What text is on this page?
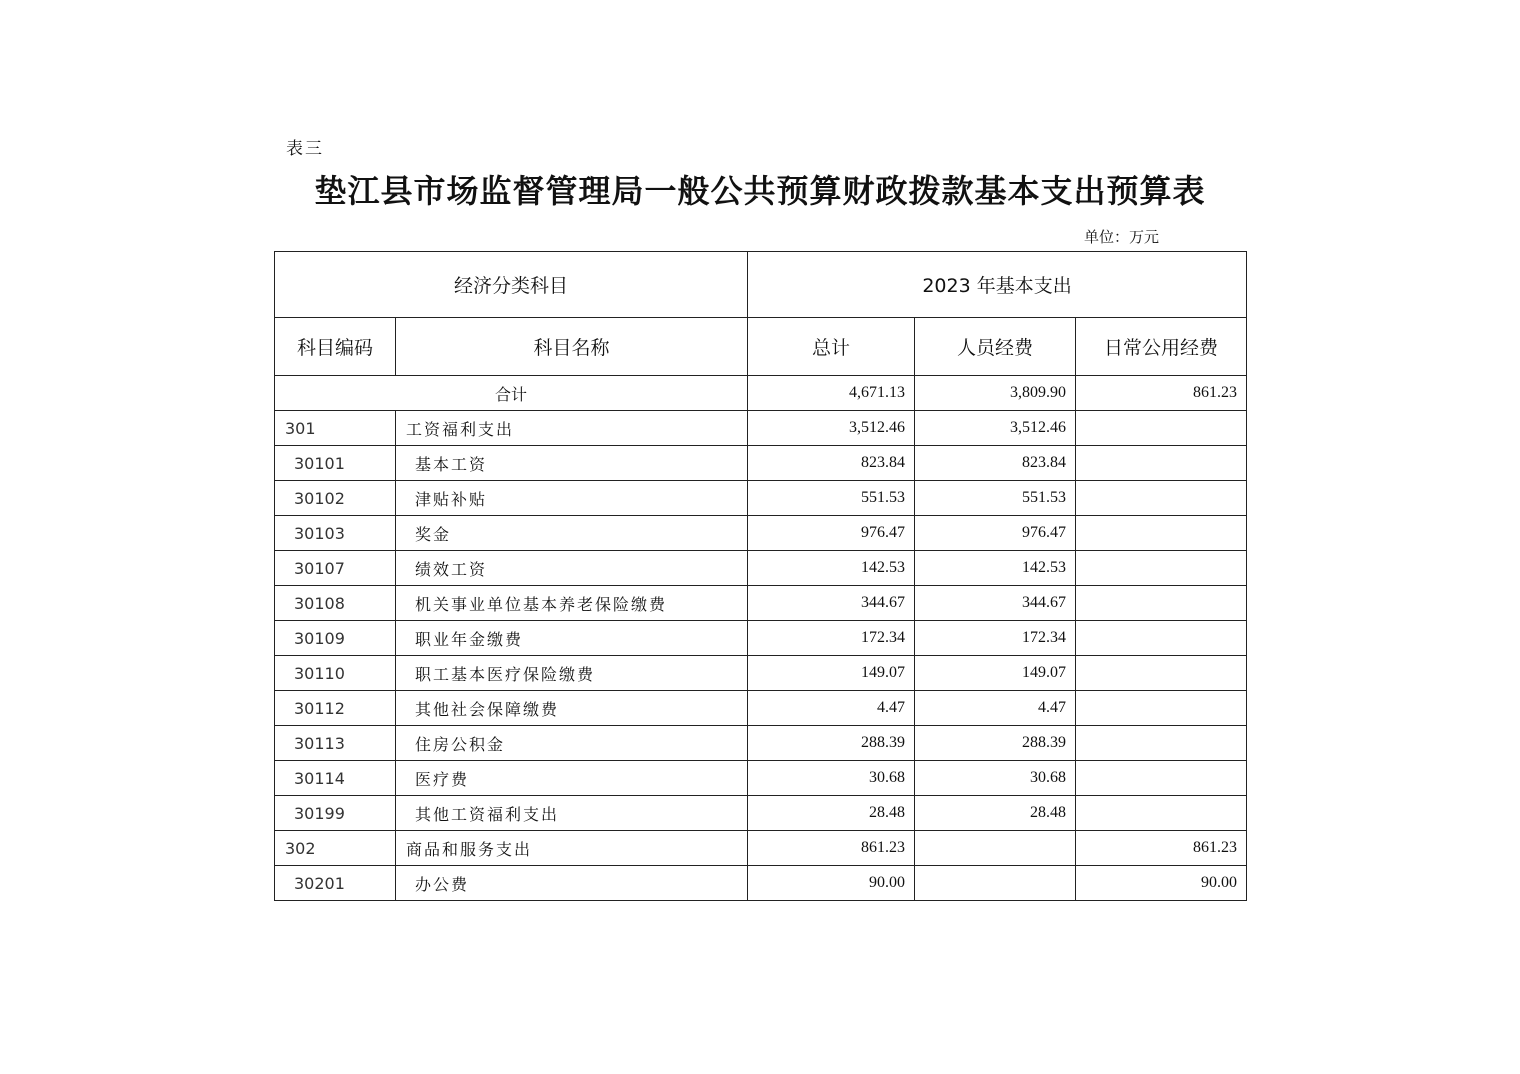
表三
垫江县市场监督管理局一般公共预算财政拨款基本支出预算表
单位：万元
经济分类科目		2023 年基本支出		
科目编码	科目名称	总计	人员经费	日常公用经费
合计		4,671.13	3,809.90	861.23
301	工资福利支出	3,512.46	3,512.46	
30101	基本工资	823.84	823.84	
30102	津贴补贴	551.53	551.53	
30103	奖金	976.47	976.47	
30107	绩效工资	142.53	142.53	
30108	机关事业单位基本养老保险缴费	344.67	344.67	
30109	职业年金缴费	172.34	172.34	
30110	职工基本医疗保险缴费	149.07	149.07	
30112	其他社会保障缴费	4.47	4.47	
30113	住房公积金	288.39	288.39	
30114	医疗费	30.68	30.68	
30199	其他工资福利支出	28.48	28.48	
302	商品和服务支出	861.23		861.23
30201	办公费	90.00		90.00
